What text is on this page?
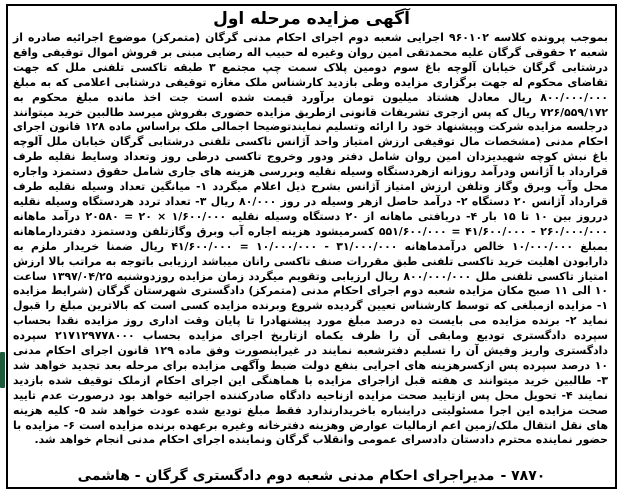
آگهی مزایده مرحله اول
بموجب پرونده کلاسه ۹۶۰۱۰۲ اجرایی شعبه دوم اجرای احکام مدنی گرگان (متمرکز) موضوع اجرائیه صادره از شعبه ۲ حقوقی گرگان علیه محمدتقی امین روان وغیره له حبیب اله رضایی مبنی بر فروش اموال توقیفی واقع درشتابی گرگان خیابان آلوچه باغ سوم دومین پلاک سمت چپ مجتمع ۳ طبقه تاکسی تلفنی ملل که جهت تقاضای محکوم له جهت برگزاری مزایده وطی بازدید کارشناس ملک مغازه توقیفی درشتابی اعلامی که به مبلغ ۸۰۰/۰۰۰/۰۰۰ ریال معادل هشتاد میلیون تومان برآورد قیمت شده است جت اخذ مانده مبلغ محکوم به ۷۲۶/۵۵۹/۱۷۲ ریال که پس ازجری تشریفات قانونی ازطریق مزایده حضوری بفروش میرسد طالبین خرید میتوانند درجلسه مزایده شرکت وپیشنهاد خود را ارائه وتسلیم نمایندتوضیحا اجمالی ملک براساس ماده ۱۲۸ قانون اجرای احکام مدنی (مشخصات مال توقیفی ارزش امتیاز واحد آژانس تاکسی تلفنی درشتابی گرگان خیابان ملل آلوچه باغ نبش کوچه شهیدیزدان امین روان شامل دفتر ودور وخروج تاکسی درطی روز وتعداد وسایط نقلیه طرف قرارداد با آژانس ودرآمد روزانه ازهردستگاه وسیله نقلیه وبررسی هزینه های جاری شامل حقوق دستمزد واجاره محل وآب وبرق وگاز وتلفن ارزش امتیاز آژانس بشرح ذیل اعلام میگردد ۱- میانگین تعداد وسیله نقلیه طرف قرارداد آژانس ۲۰ دستگاه ۲- درآمد حاصل ازهر وسیله در روز ۸۰/۰۰۰ ریال ۳- تعداد تردد هردستگاه وسیله نقلیه درروز بین ۱۰ تا ۱۵ بار ۴- دریافتی ماهانه از ۲۰ دستگاه وسیله نقلیه ۱/۶۰۰/۰۰۰ × ۲۰ = ۲۰۵۸۰ درآمد ماهانه ۲۶۰/۰۰۰/۰۰۰ - ۴۱/۶۰۰/۰۰۰ = ۵۵۱/۶۰۰/۰۰۰ کسرمیشود هزینه اجاره آب وبرق وگازتلفن ودستمزد دفتردارماهانه بمبلغ ۱۰/۰۰۰/۰۰۰ خالص درآمدماهانه ۳۱/۰۰۰/۰۰۰ - ۱۰/۰۰۰/۰۰۰ = ۴۱/۶۰۰/۰۰۰ ریال ضمنا خریدار ملزم به دارابودن اهلیت خرید تاکسی تلفنی طبق مقررات صنف تاکسی رانان میباشد ارزیابی باتوجه به مراتب بالا ارزش امتیاز تاکسی تلفنی ملل ۸۰۰/۰۰۰/۰۰۰ ریال ارزیابی وتقویم میگردد زمان مزایده روزدوشنبه ۱۳۹۷/۰۴/۲۵ ساعت ۱۰ الی ۱۱ صبح مکان مزایده شعبه دوم اجرای احکام مدنی (متمرکز) دادگستری شهرستان گرگان (شرایط مزایده ۱- مزایده ازمبلغی که توسط کارشناس تعیین گردیده شروع وبرنده مزایده کسی است که بالاترین مبلغ را قبول نماید ۲- برنده مزایده می بایست ده درصد مبلغ مورد پیشنهادرا تا پایان وقت اداری روز مزایده نقدا بحساب سپرده دادگستری تودیع ومابقی آن را ظرف یکماه ازتاریخ اجرای مزایده بحساب ۲۱۷۱۲۹۷۷۸۰۰۰ سپرده دادگستری واریز وفیش آن را تسلیم دفترشعبه نمایند در غیراینصورت وفق ماده ۱۲۹ قانون اجرای احکام مدنی ۱۰ درصد سپرده پس ازکسرهزینه های اجرایی بنفع دولت ضبط وآگهی مزایده برای مرحله بعد تجدید خواهد شد ۳- طالبین خرید میتوانند ی هفته قبل ازاجرای مزایده با هماهنگی این اجرای احکام ازملک توقیف شده بازدید نمایند ۴- تحویل محل پس ازتایید صحت مزایده ازناحیه دادگاه صادرکننده اجرائیه خواهد بود درصورت عدم تایید صحت مزایده این اجرا مسئولیتی دراینباره باخریدارندارد فقط مبلغ تودیع شده عودت خواهد شد ۵- کلیه هزینه های نقل انتقال ملک/زمین اعم ازمالیات عوارض وهزینه دفترخانه وغیره برعهده برنده مزایده است ۶- مزایده با حضور نماینده محترم دادستان دادسرای عمومی وانقلاب گرگان ونماینده اجرای احکام مدنی انجام خواهد شد.
۷۸۷۰ -مدیراجرای احکام مدنی شعبه دوم دادگستری گرگان - هاشمی
